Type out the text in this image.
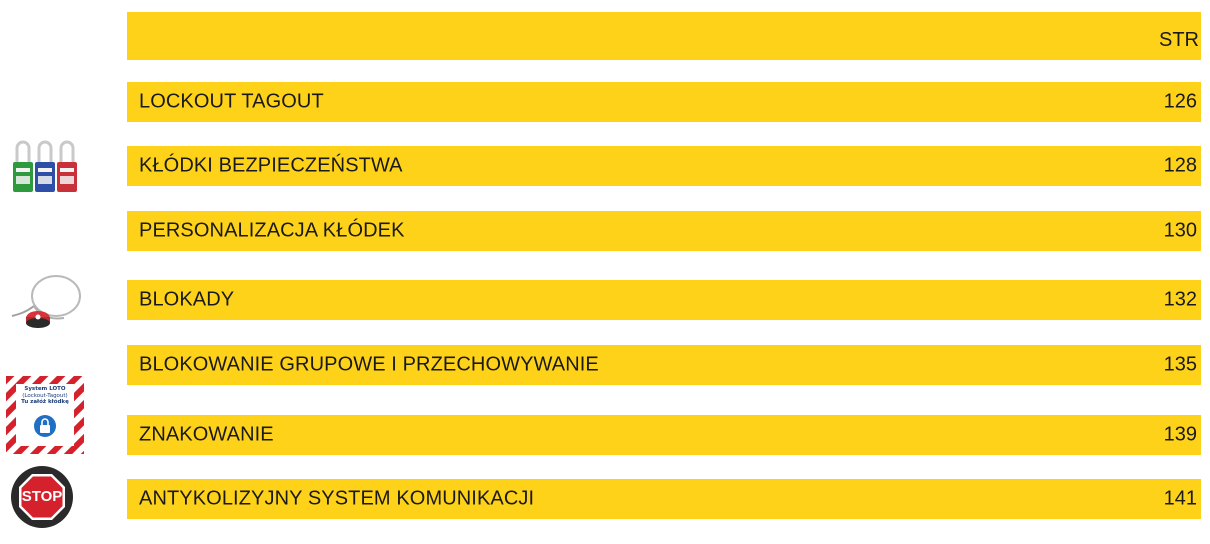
STR
LOCKOUT TAGOUT	126
KŁÓDKI BEZPIECZEŃSTWA	128
PERSONALIZACJA KŁÓDEK	130
BLOKADY	132
BLOKOWANIE GRUPOWE I PRZECHOWYWANIE	135
ZNAKOWANIE	139
ANTYKOLIZYJNY SYSTEM KOMUNIKACJI	141
System LOTO
(Lockout-Tagout)
Tu załóż kłódkę
STOP
